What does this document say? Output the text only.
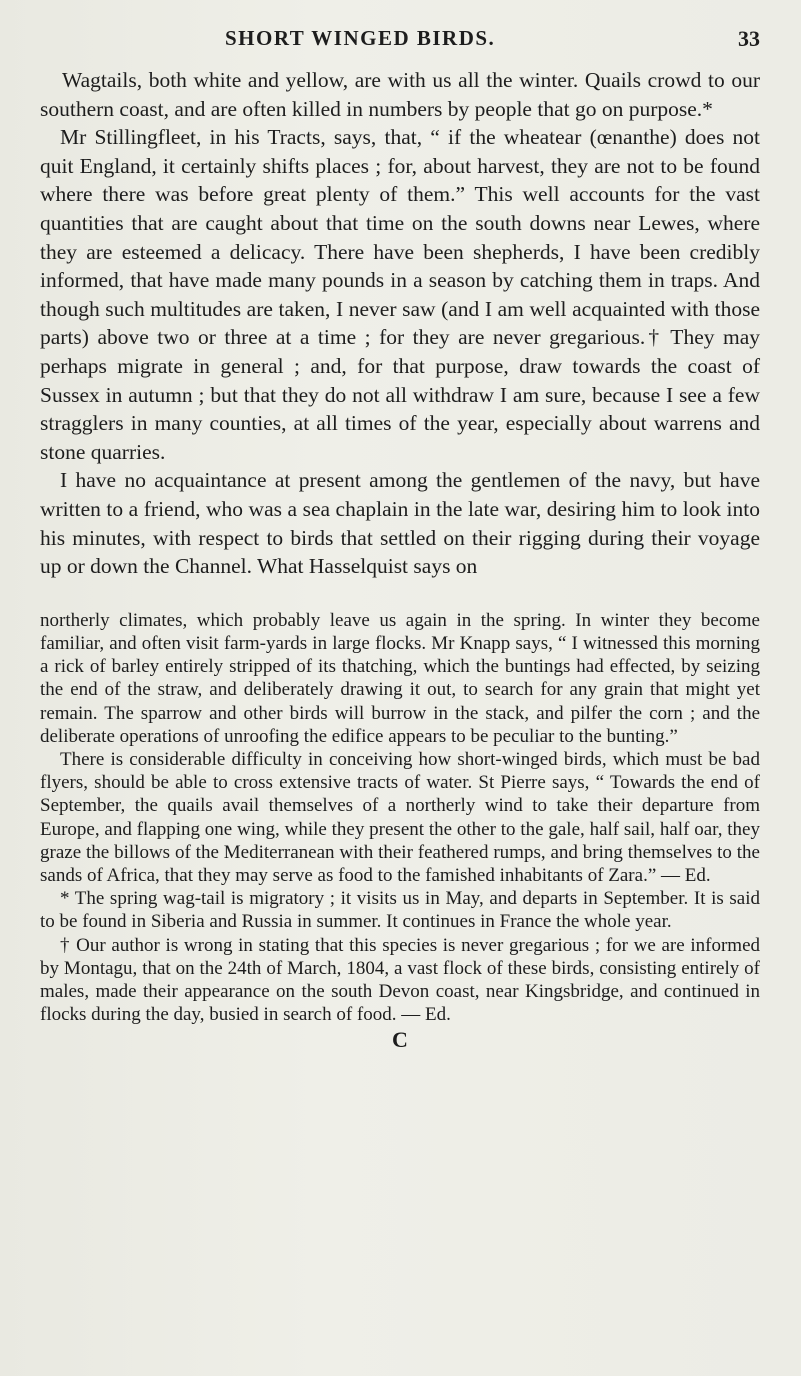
SHORT WINGED BIRDS.	33

Wagtails, both white and yellow, are with us all the winter. Quails crowd to our southern coast, and are often killed in numbers by people that go on purpose.*

Mr Stillingfleet, in his Tracts, says, that, “ if the wheatear (œnanthe) does not quit England, it certainly shifts places ; for, about harvest, they are not to be found where there was before great plenty of them.” This well accounts for the vast quantities that are caught about that time on the south downs near Lewes, where they are esteemed a delicacy. There have been shepherds, I have been credibly informed, that have made many pounds in a season by catching them in traps. And though such multitudes are taken, I never saw (and I am well acquainted with those parts) above two or three at a time ; for they are never gregarious.† They may perhaps migrate in general ; and, for that purpose, draw towards the coast of Sussex in autumn ; but that they do not all withdraw I am sure, because I see a few stragglers in many counties, at all times of the year, especially about warrens and stone quarries.

I have no acquaintance at present among the gentlemen of the navy, but have written to a friend, who was a sea chaplain in the late war, desiring him to look into his minutes, with respect to birds that settled on their rigging during their voyage up or down the Channel. What Hasselquist says on

northerly climates, which probably leave us again in the spring. In winter they become familiar, and often visit farm-yards in large flocks. Mr Knapp says, “ I witnessed this morning a rick of barley entirely stripped of its thatching, which the buntings had effected, by seizing the end of the straw, and deliberately drawing it out, to search for any grain that might yet remain. The sparrow and other birds will burrow in the stack, and pilfer the corn ; and the deliberate operations of unroofing the edifice appears to be peculiar to the bunting.”

There is considerable difficulty in conceiving how short-winged birds, which must be bad flyers, should be able to cross extensive tracts of water. St Pierre says, “ Towards the end of September, the quails avail themselves of a northerly wind to take their departure from Europe, and flapping one wing, while they present the other to the gale, half sail, half oar, they graze the billows of the Mediterranean with their feathered rumps, and bring themselves to the sands of Africa, that they may serve as food to the famished inhabitants of Zara.” — Ed.

* The spring wag-tail is migratory ; it visits us in May, and departs in September. It is said to be found in Siberia and Russia in summer. It continues in France the whole year.

† Our author is wrong in stating that this species is never gregarious ; for we are informed by Montagu, that on the 24th of March, 1804, a vast flock of these birds, consisting entirely of males, made their appearance on the south Devon coast, near Kingsbridge, and continued in flocks during the day, busied in search of food. — Ed.

C
